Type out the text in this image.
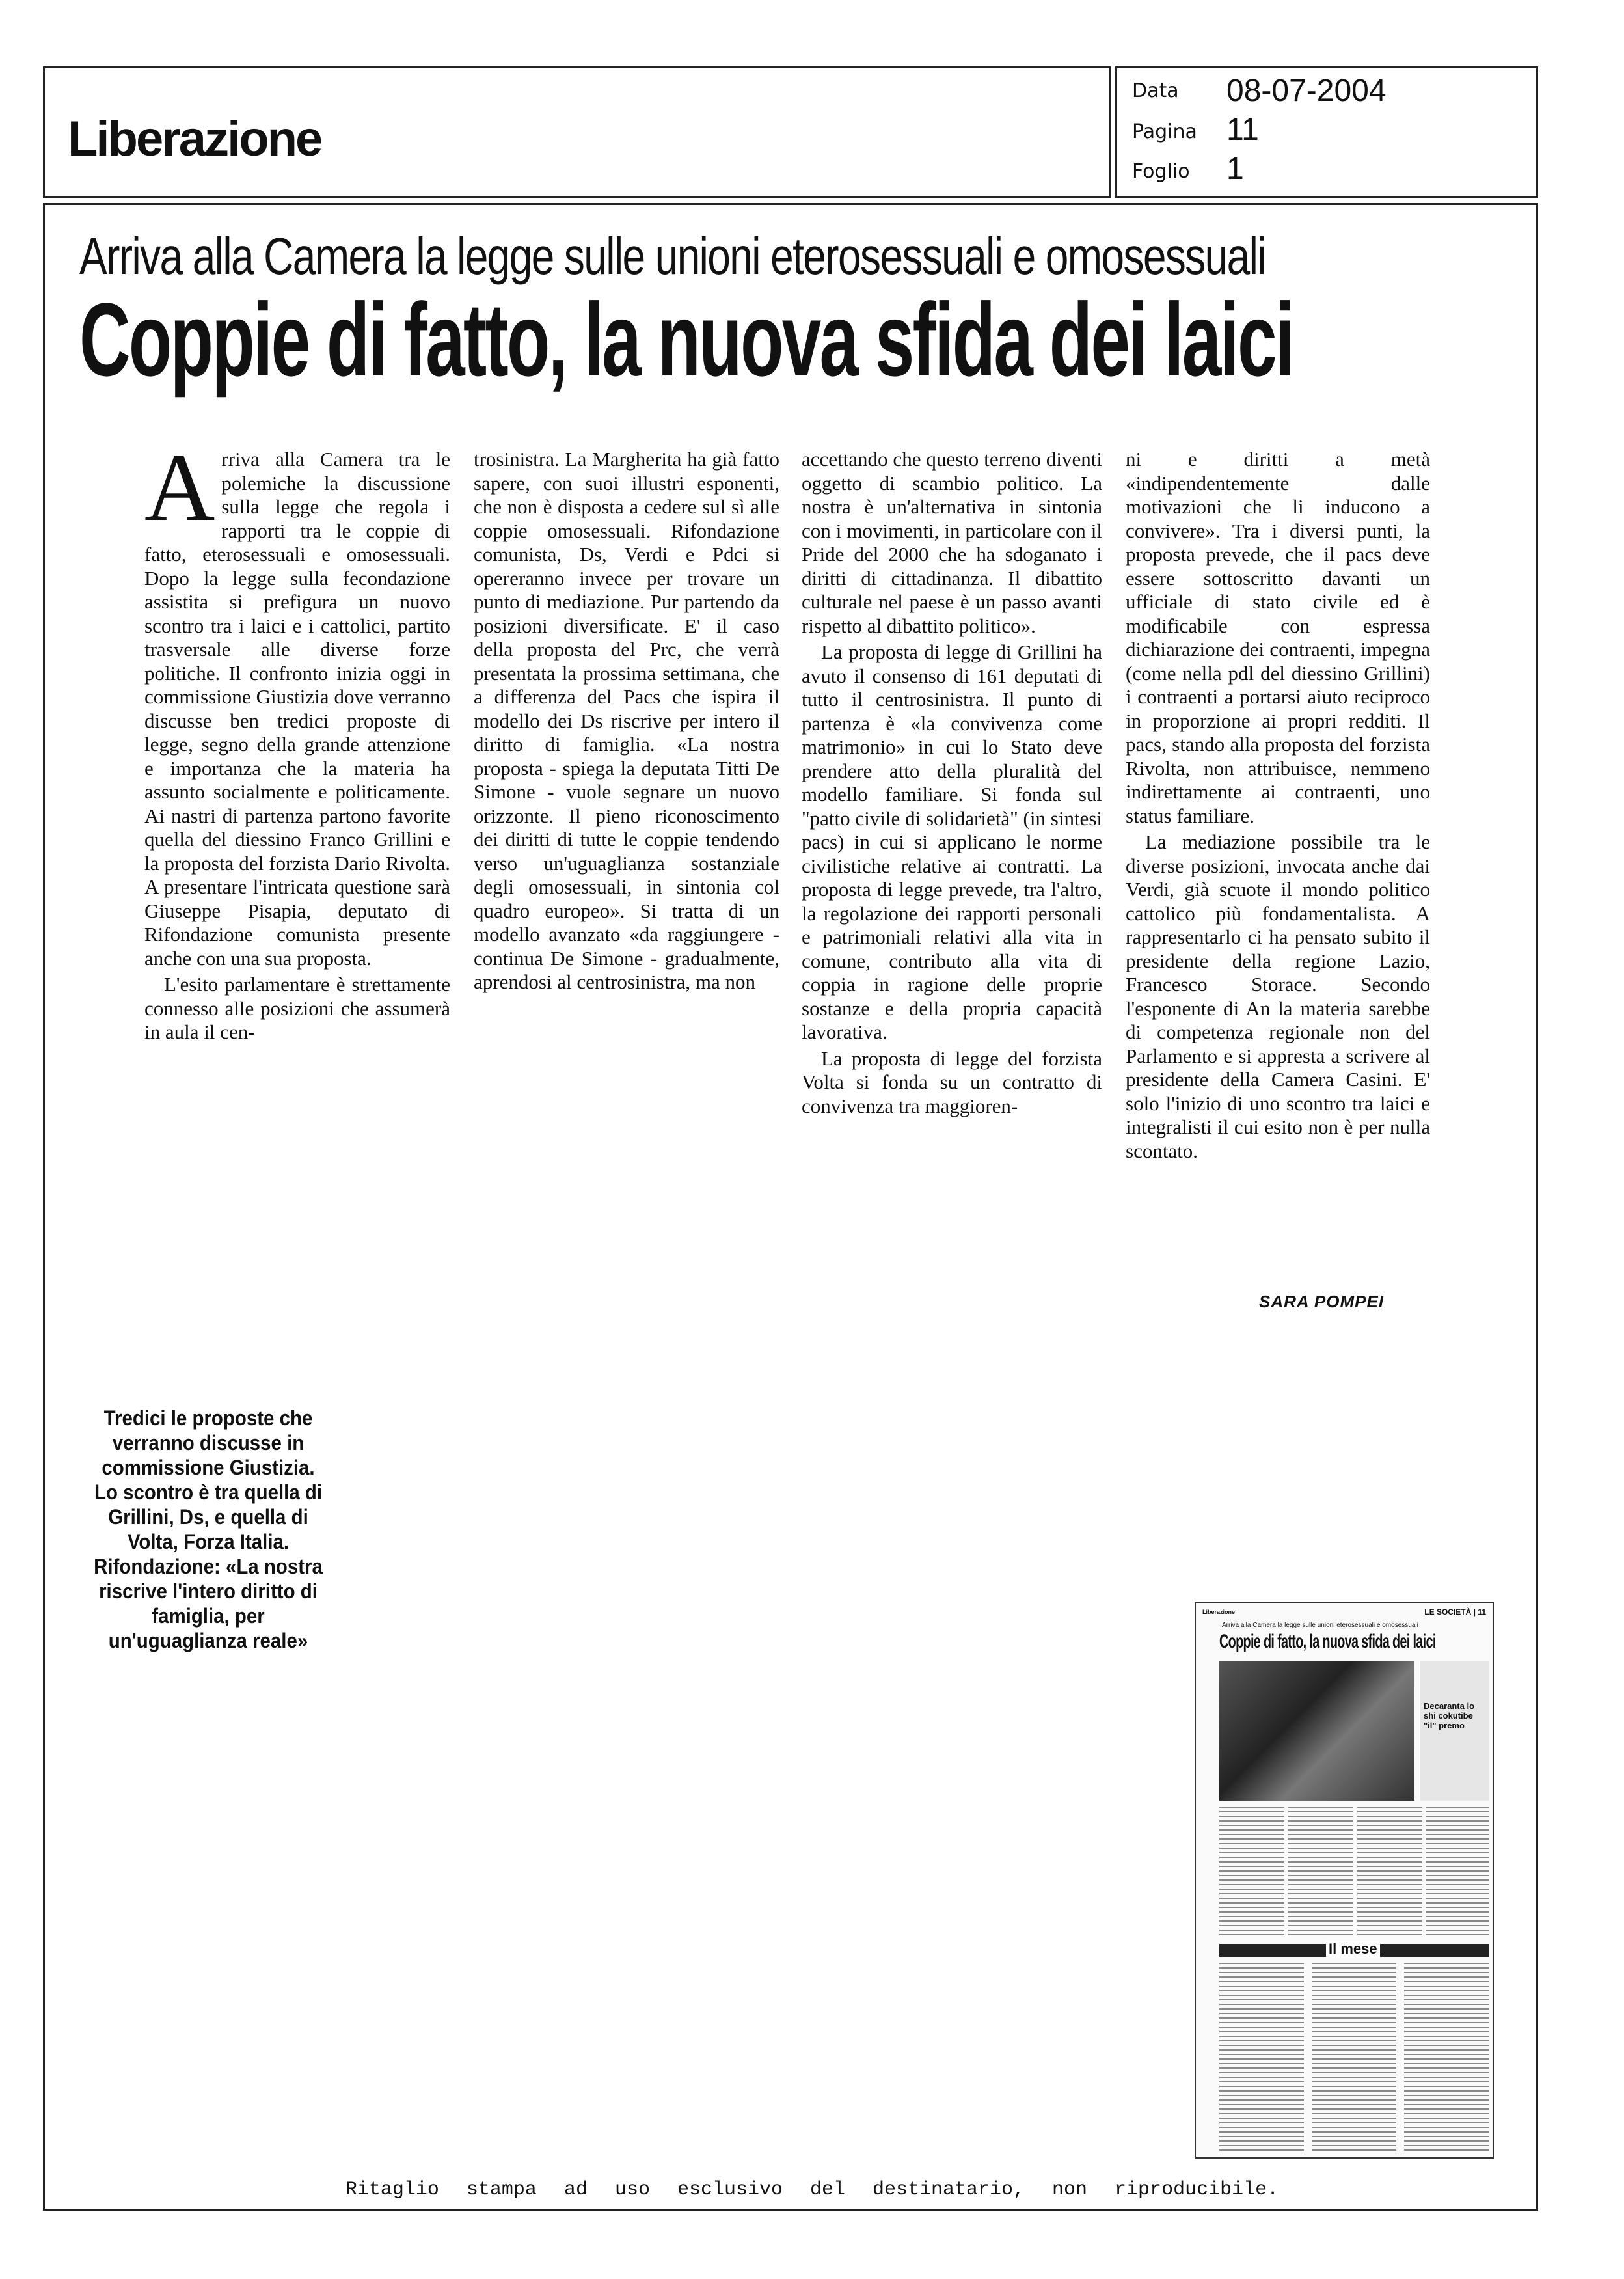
Liberazione
Data 08-07-2004
Pagina 11
Foglio 1
Arriva alla Camera la legge sulle unioni eterosessuali e omosessuali
Coppie di fatto, la nuova sfida dei laici
A rriva alla Camera tra le polemiche la discussione sulla legge che regola i rapporti tra le coppie di fatto, eterosessuali e omosessuali. Dopo la legge sulla fecondazione assistita si prefigura un nuovo scontro tra i laici e i cattolici, partito trasversale alle diverse forze politiche. Il confronto inizia oggi in commissione Giustizia dove verranno discusse ben tredici proposte di legge, segno della grande attenzione e importanza che la materia ha assunto socialmente e politicamente. Ai nastri di partenza partono favorite quella del diessino Franco Grillini e la proposta del forzista Dario Rivolta. A presentare l'intricata questione sarà Giuseppe Pisapia, deputato di Rifondazione comunista presente anche con una sua proposta.

L'esito parlamentare è strettamente connesso alle posizioni che assumerà in aula il cen-

trosinistra. La Margherita ha già fatto sapere, con suoi illustri esponenti, che non è disposta a cedere sul sì alle coppie omosessuali. Rifondazione comunista, Ds, Verdi e Pdci si opereranno invece per trovare un punto di mediazione. Pur partendo da posizioni diversificate. E' il caso della proposta del Prc, che verrà presentata la prossima settimana, che a differenza del Pacs che ispira il modello dei Ds riscrive per intero il diritto di famiglia. «La nostra proposta - spiega la deputata Titti De Simone - vuole segnare un nuovo orizzonte. Il pieno riconoscimento dei diritti di tutte le coppie tendendo verso un'uguaglianza sostanziale degli omosessuali, in sintonia col quadro europeo». Si tratta di un modello avanzato «da raggiungere - continua De Simone - gradualmente, aprendosi al centrosinistra, ma non

accettando che questo terreno diventi oggetto di scambio politico. La nostra è un'alternativa in sintonia con i movimenti, in particolare con il Pride del 2000 che ha sdoganato i diritti di cittadinanza. Il dibattito culturale nel paese è un passo avanti rispetto al dibattito politico».

La proposta di legge di Grillini ha avuto il consenso di 161 deputati di tutto il centrosinistra. Il punto di partenza è «la convivenza come matrimonio» in cui lo Stato deve prendere atto della pluralità del modello familiare. Si fonda sul "patto civile di solidarietà" (in sintesi pacs) in cui si applicano le norme civilistiche relative ai contratti. La proposta di legge prevede, tra l'altro, la regolazione dei rapporti personali e patrimoniali relativi alla vita in comune, contributo alla vita di coppia in ragione delle proprie sostanze e della propria capacità lavorativa.

La proposta di legge del forzista Volta si fonda su un contratto di convivenza tra maggioren-

ni e diritti a metà «indipendentemente dalle motivazioni che li inducono a convivere». Tra i diversi punti, la proposta prevede, che il pacs deve essere sottoscritto davanti un ufficiale di stato civile ed è modificabile con espressa dichiarazione dei contraenti, impegna (come nella pdl del diessino Grillini) i contraenti a portarsi aiuto reciproco in proporzione ai propri redditi. Il pacs, stando alla proposta del forzista Rivolta, non attribuisce, nemmeno indirettamente ai contraenti, uno status familiare.

La mediazione possibile tra le diverse posizioni, invocata anche dai Verdi, già scuote il mondo politico cattolico più fondamentalista. A rappresentarlo ci ha pensato subito il presidente della regione Lazio, Francesco Storace. Secondo l'esponente di An la materia sarebbe di competenza regionale non del Parlamento e si appresta a scrivere al presidente della Camera Casini. E' solo l'inizio di uno scontro tra laici e integralisti il cui esito non è per nulla scontato.

SARA POMPEI
Tredici le proposte che verranno discusse in commissione Giustizia. Lo scontro è tra quella di Grillini, Ds, e quella di Volta, Forza Italia. Rifondazione: «La nostra riscrive l'intero diritto di famiglia, per un'uguaglianza reale»
Liberazione	LE SOCIETÀ | 11
Arriva alla Camera la legge sulle unioni eterosessuali e omosessuali
Coppie di fatto, la nuova sfida dei laici
Decaranta lo shi cokutibe "il" premo
Il mese
Ritaglio stampa ad uso esclusivo del destinatario, non riproducibile.
